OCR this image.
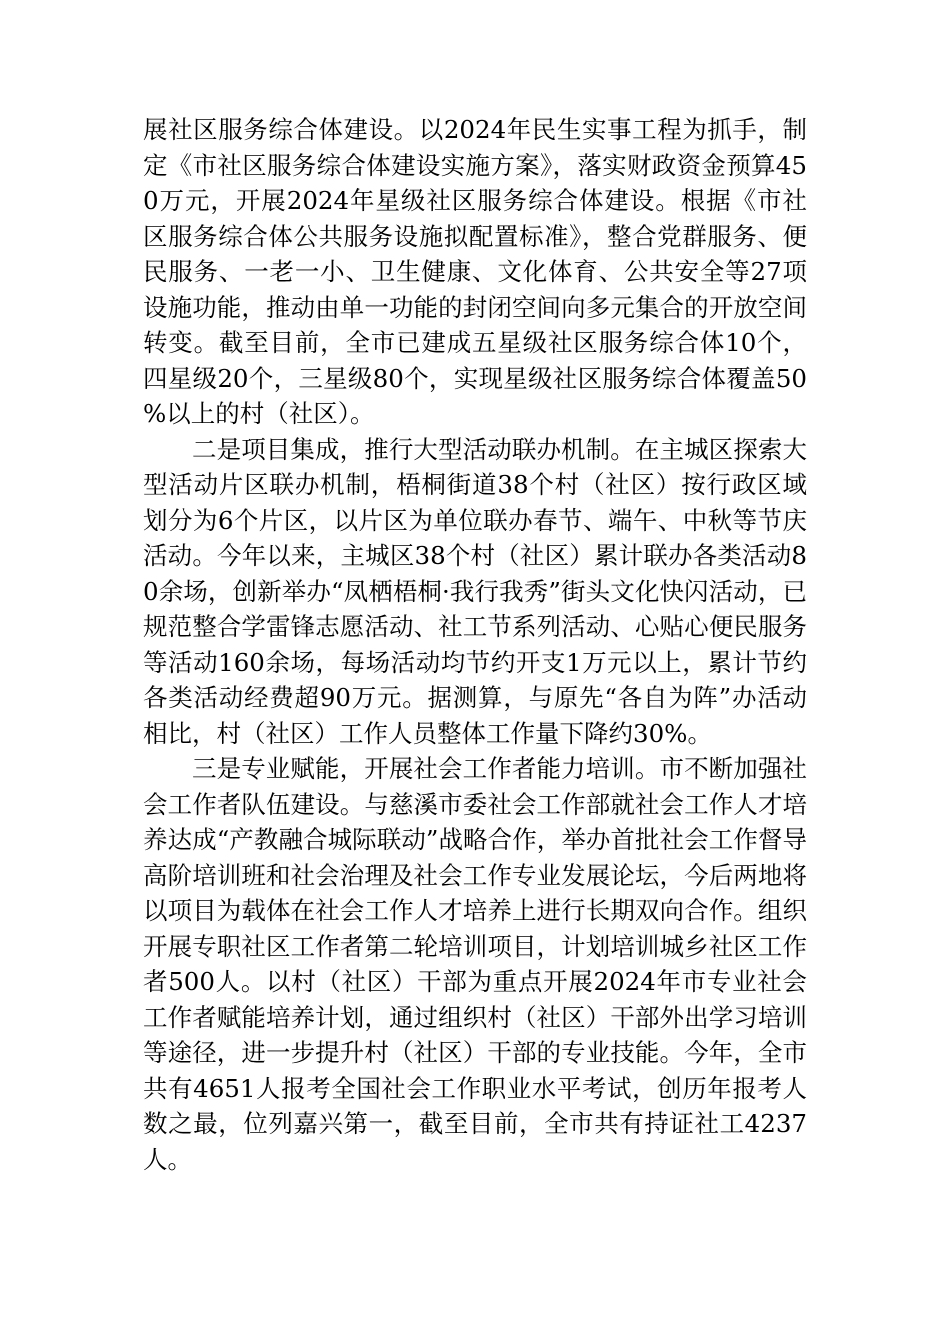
展社区服务综合体建设。以2024年民生实事工程为抓手，制定《市社区服务综合体建设实施方案》，落实财政资金预算450万元，开展2024年星级社区服务综合体建设。根据《市社区服务综合体公共服务设施拟配置标准》，整合党群服务、便民服务、一老一小、卫生健康、文化体育、公共安全等27项设施功能，推动由单一功能的封闭空间向多元集合的开放空间转变。截至目前，全市已建成五星级社区服务综合体10个，四星级20个，三星级80个，实现星级社区服务综合体覆盖50%以上的村（社区）。

二是项目集成，推行大型活动联办机制。在主城区探索大型活动片区联办机制，梧桐街道38个村（社区）按行政区域划分为6个片区，以片区为单位联办春节、端午、中秋等节庆活动。今年以来，主城区38个村（社区）累计联办各类活动80余场，创新举办“凤栖梧桐·我行我秀”街头文化快闪活动，已规范整合学雷锋志愿活动、社工节系列活动、心贴心便民服务等活动160余场，每场活动均节约开支1万元以上，累计节约各类活动经费超90万元。据测算，与原先“各自为阵”办活动相比，村（社区）工作人员整体工作量下降约30%。

三是专业赋能，开展社会工作者能力培训。市不断加强社会工作者队伍建设。与慈溪市委社会工作部就社会工作人才培养达成“产教融合城际联动”战略合作，举办首批社会工作督导高阶培训班和社会治理及社会工作专业发展论坛，今后两地将以项目为载体在社会工作人才培养上进行长期双向合作。组织开展专职社区工作者第二轮培训项目，计划培训城乡社区工作者500人。以村（社区）干部为重点开展2024年市专业社会工作者赋能培养计划，通过组织村（社区）干部外出学习培训等途径，进一步提升村（社区）干部的专业技能。今年，全市共有4651人报考全国社会工作职业水平考试，创历年报考人数之最，位列嘉兴第一，截至目前，全市共有持证社工4237人。
